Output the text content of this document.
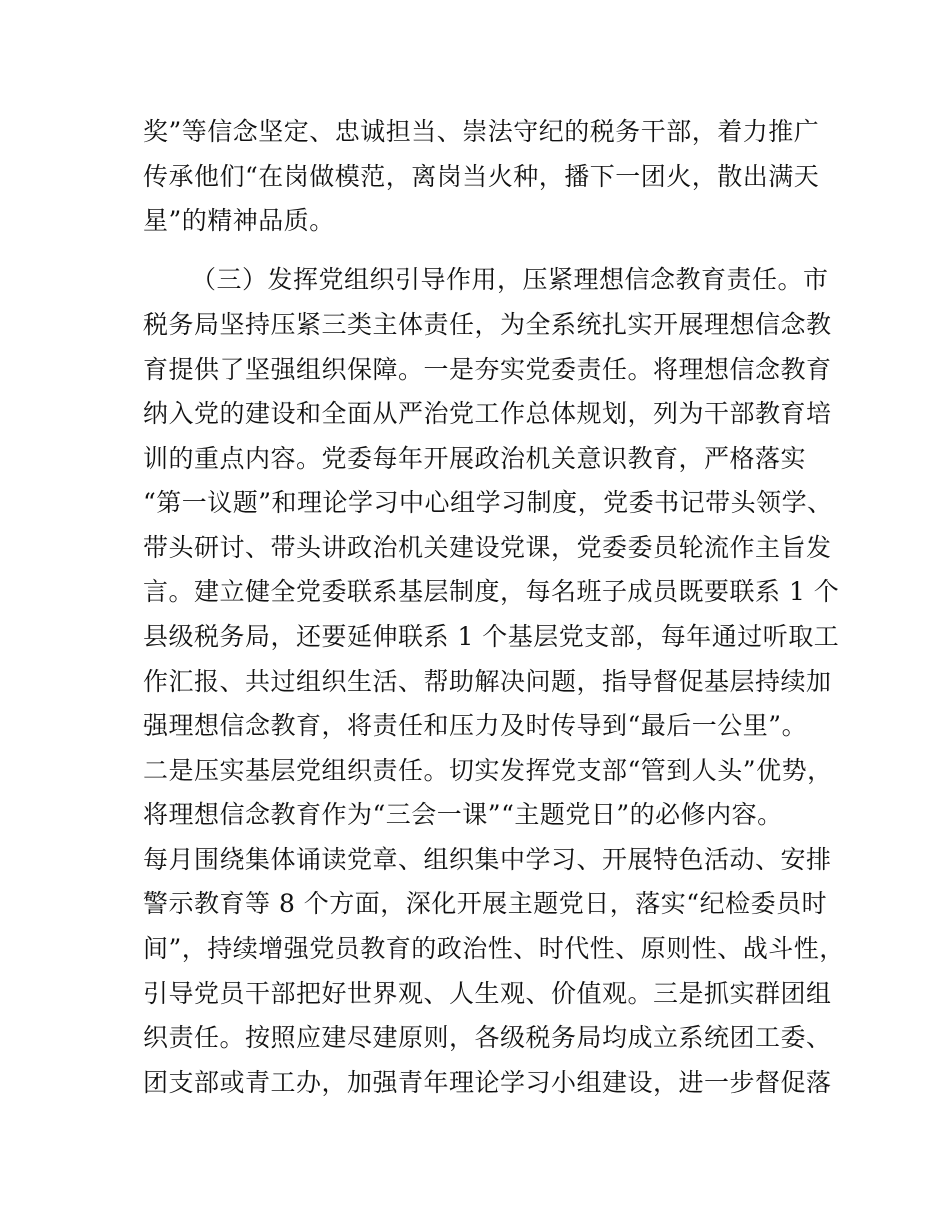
奖”等信念坚定、忠诚担当、崇法守纪的税务干部，着力推广
传承他们“在岗做模范，离岗当火种，播下一团火，散出满天
星”的精神品质。
（三）发挥党组织引导作用，压紧理想信念教育责任。市
税务局坚持压紧三类主体责任，为全系统扎实开展理想信念教
育提供了坚强组织保障。一是夯实党委责任。将理想信念教育
纳入党的建设和全面从严治党工作总体规划，列为干部教育培
训的重点内容。党委每年开展政治机关意识教育，严格落实
“第一议题”和理论学习中心组学习制度，党委书记带头领学、
带头研讨、带头讲政治机关建设党课，党委委员轮流作主旨发
言。建立健全党委联系基层制度，每名班子成员既要联系 1 个
县级税务局，还要延伸联系 1 个基层党支部，每年通过听取工
作汇报、共过组织生活、帮助解决问题，指导督促基层持续加
强理想信念教育，将责任和压力及时传导到“最后一公里”。
二是压实基层党组织责任。切实发挥党支部“管到人头”优势，
将理想信念教育作为“三会一课”“主题党日”的必修内容。
每月围绕集体诵读党章、组织集中学习、开展特色活动、安排
警示教育等 8 个方面，深化开展主题党日，落实“纪检委员时
间”，持续增强党员教育的政治性、时代性、原则性、战斗性，
引导党员干部把好世界观、人生观、价值观。三是抓实群团组
织责任。按照应建尽建原则，各级税务局均成立系统团工委、
团支部或青工办，加强青年理论学习小组建设，进一步督促落
